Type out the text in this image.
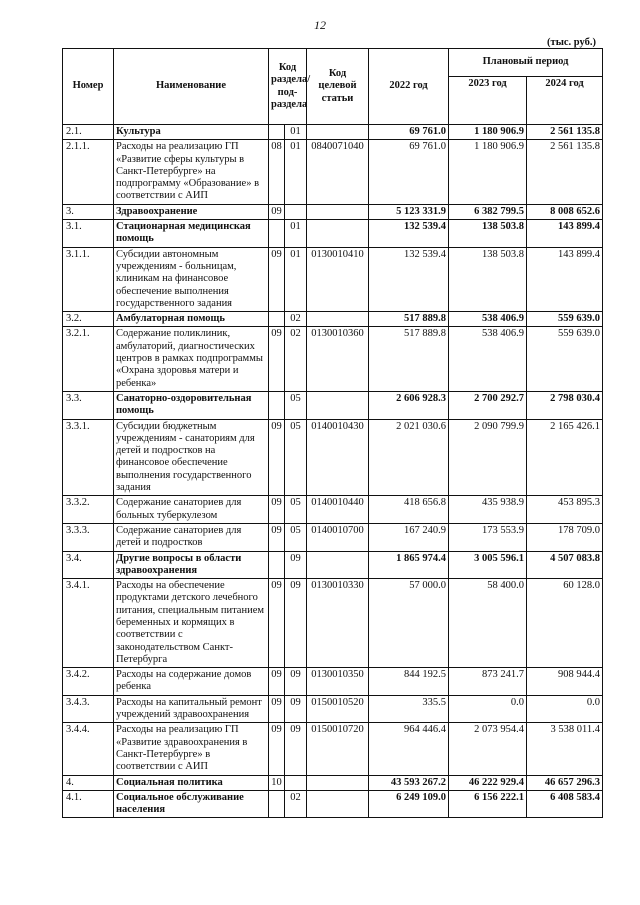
12
(тыс. руб.)
Номер	Наименование	Код раздела/ под-раздела		Код целевой статьи	2022 год	Плановый период	
						2023 год	2024 год
2.1.	Культура		01		69 761.0	1 180 906.9	2 561 135.8
2.1.1.	Расходы на реализацию ГП «Развитие сферы культуры в Санкт-Петербурге» на подпрограмму «Образование» в соответствии с АИП	08	01	0840071040	69 761.0	1 180 906.9	2 561 135.8
3.	Здравоохранение	09			5 123 331.9	6 382 799.5	8 008 652.6
3.1.	Стационарная медицинская помощь		01		132 539.4	138 503.8	143 899.4
3.1.1.	Субсидии автономным учреждениям - больницам, клиникам на финансовое обеспечение выполнения государственного задания	09	01	0130010410	132 539.4	138 503.8	143 899.4
3.2.	Амбулаторная помощь		02		517 889.8	538 406.9	559 639.0
3.2.1.	Содержание поликлиник, амбулаторий, диагностических центров в рамках подпрограммы «Охрана здоровья матери и ребенка»	09	02	0130010360	517 889.8	538 406.9	559 639.0
3.3.	Санаторно-оздоровительная помощь		05		2 606 928.3	2 700 292.7	2 798 030.4
3.3.1.	Субсидии бюджетным учреждениям - санаториям для детей и подростков на финансовое обеспечение выполнения государственного задания	09	05	0140010430	2 021 030.6	2 090 799.9	2 165 426.1
3.3.2.	Содержание санаториев для больных туберкулезом	09	05	0140010440	418 656.8	435 938.9	453 895.3
3.3.3.	Содержание санаториев для детей и подростков	09	05	0140010700	167 240.9	173 553.9	178 709.0
3.4.	Другие вопросы в области здравоохранения		09		1 865 974.4	3 005 596.1	4 507 083.8
3.4.1.	Расходы на обеспечение продуктами детского лечебного питания, специальным питанием беременных и кормящих в соответствии с законодательством Санкт-Петербурга	09	09	0130010330	57 000.0	58 400.0	60 128.0
3.4.2.	Расходы на содержание домов ребенка	09	09	0130010350	844 192.5	873 241.7	908 944.4
3.4.3.	Расходы на капитальный ремонт учреждений здравоохранения	09	09	0150010520	335.5	0.0	0.0
3.4.4.	Расходы на реализацию ГП «Развитие здравоохранения в Санкт-Петербурге» в соответствии с АИП	09	09	0150010720	964 446.4	2 073 954.4	3 538 011.4
4.	Социальная политика	10			43 593 267.2	46 222 929.4	46 657 296.3
4.1.	Социальное обслуживание населения		02		6 249 109.0	6 156 222.1	6 408 583.4
